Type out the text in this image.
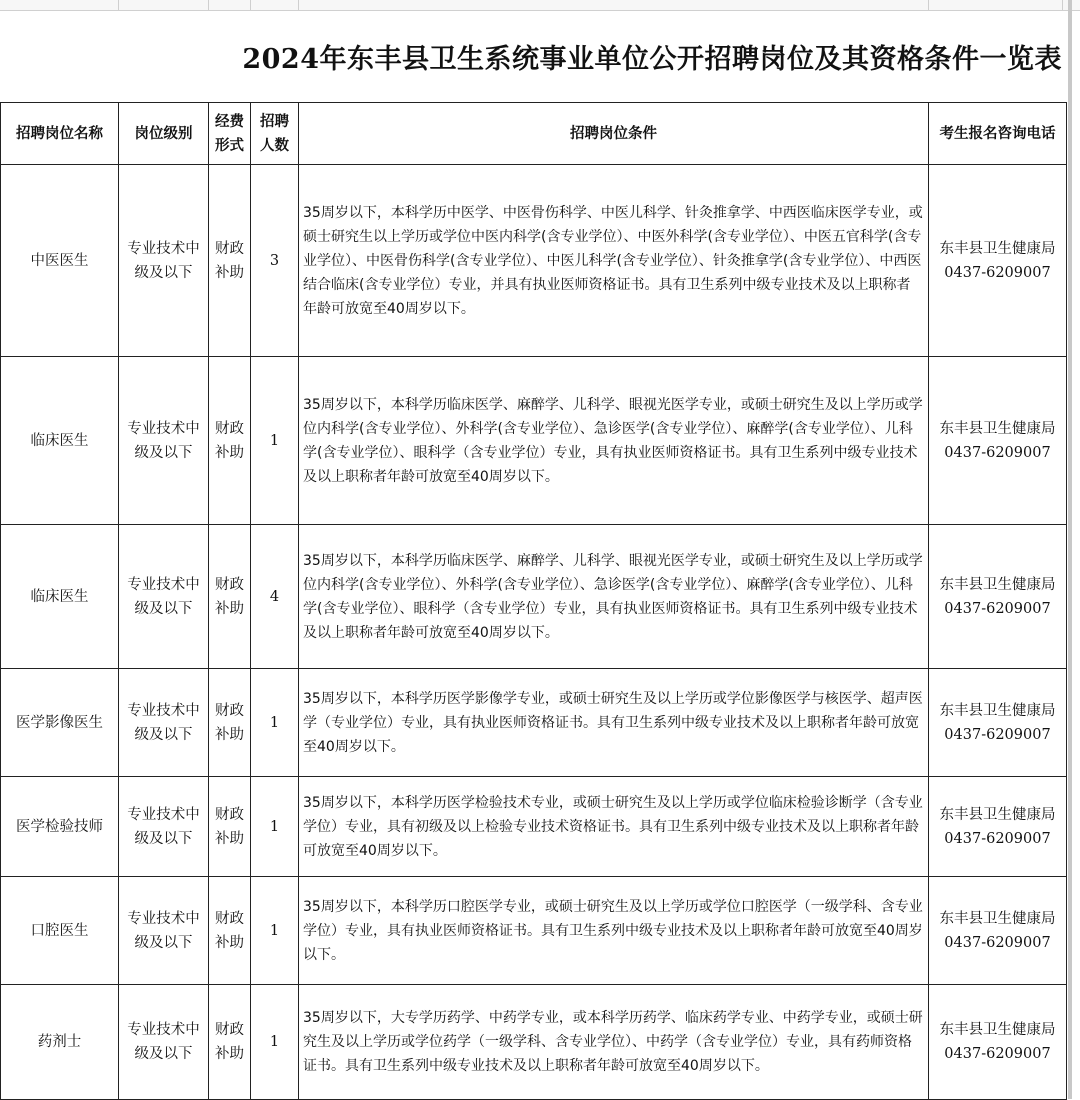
2024年东丰县卫生系统事业单位公开招聘岗位及其资格条件一览表
招聘岗位名称	岗位级别	经费形式	招聘人数	招聘岗位条件	考生报名咨询电话
中医医生	专业技术中级及以下	财政补助	3	35周岁以下，本科学历中医学、中医骨伤科学、中医儿科学、针灸推拿学、中西医临床医学专业，或硕士研究生以上学历或学位中医内科学(含专业学位）、中医外科学(含专业学位）、中医五官科学(含专业学位）、中医骨伤科学(含专业学位）、中医儿科学(含专业学位）、针灸推拿学(含专业学位）、中西医结合临床(含专业学位）专业，并具有执业医师资格证书。具有卫生系列中级专业技术及以上职称者年龄可放宽至40周岁以下。	东丰县卫生健康局
0437-6209007

临床医生	专业技术中级及以下	财政补助	1	35周岁以下，本科学历临床医学、麻醉学、儿科学、眼视光医学专业，或硕士研究生及以上学历或学位内科学(含专业学位）、外科学(含专业学位）、急诊医学(含专业学位）、麻醉学(含专业学位）、儿科学(含专业学位）、眼科学（含专业学位）专业，具有执业医师资格证书。具有卫生系列中级专业技术及以上职称者年龄可放宽至40周岁以下。	东丰县卫生健康局
0437-6209007

临床医生	专业技术中级及以下	财政补助	4	35周岁以下，本科学历临床医学、麻醉学、儿科学、眼视光医学专业，或硕士研究生及以上学历或学位内科学(含专业学位）、外科学(含专业学位）、急诊医学(含专业学位）、麻醉学(含专业学位）、儿科学(含专业学位）、眼科学（含专业学位）专业，具有执业医师资格证书。具有卫生系列中级专业技术及以上职称者年龄可放宽至40周岁以下。	东丰县卫生健康局
0437-6209007

医学影像医生	专业技术中级及以下	财政补助	1	35周岁以下，本科学历医学影像学专业，或硕士研究生及以上学历或学位影像医学与核医学、超声医学（专业学位）专业，具有执业医师资格证书。具有卫生系列中级专业技术及以上职称者年龄可放宽至40周岁以下。	东丰县卫生健康局
0437-6209007

医学检验技师	专业技术中级及以下	财政补助	1	35周岁以下，本科学历医学检验技术专业，或硕士研究生及以上学历或学位临床检验诊断学（含专业学位）专业，具有初级及以上检验专业技术资格证书。具有卫生系列中级专业技术及以上职称者年龄可放宽至40周岁以下。	东丰县卫生健康局
0437-6209007

口腔医生	专业技术中级及以下	财政补助	1	35周岁以下，本科学历口腔医学专业，或硕士研究生及以上学历或学位口腔医学（一级学科、含专业学位）专业，具有执业医师资格证书。具有卫生系列中级专业技术及以上职称者年龄可放宽至40周岁以下。	东丰县卫生健康局
0437-6209007

药剂士	专业技术中级及以下	财政补助	1	35周岁以下，大专学历药学、中药学专业，或本科学历药学、临床药学专业、中药学专业，或硕士研究生及以上学历或学位药学（一级学科、含专业学位）、中药学（含专业学位）专业，具有药师资格证书。具有卫生系列中级专业技术及以上职称者年龄可放宽至40周岁以下。	东丰县卫生健康局
0437-6209007
